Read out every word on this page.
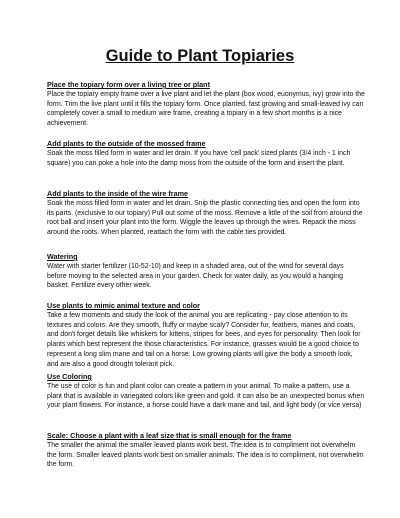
Guide to Plant Topiaries

Place the topiary form over a living tree or plant

Place the topiary empty frame over a live plant and let the plant (box wood, euonymus, ivy) grow into the form. Trim the live plant until it fills the topiary form. Once planted, fast growing and small-leaved ivy can completely cover a small to medium wire frame, creating a topiary in a few short months is a nice achievement.

Add plants to the outside of the mossed frame

Soak the moss filled form in water and let drain. If you have 'cell pack' sized plants (3/4 inch - 1 inch square) you can poke a hole into the damp moss from the outside of the form and insert the plant.

Add plants to the inside of the wire frame

Soak the moss filled form in water and let drain. Snip the plastic connecting ties and open the form into its parts. (exclusive to our topiary) Pull out some of the moss. Remove a little of the soil from around the root ball and insert your plant into the form. Wiggle the leaves up through the wires. Repack the moss around the roots. When planted, reattach the form with the cable ties provided.

Watering

Water with starter fertilizer (10-52-10) and keep in a shaded area, out of the wind for several days before moving to the selected area in your garden. Check for water daily, as you would a hanging basket. Fertilize every other week.

Use plants to mimic animal texture and color

Take a few moments and study the look of the animal you are replicating - pay close attention to its textures and colors. Are they smooth, fluffy or maybe scaly? Consider fur, feathers, manes and coats, and don't forget details like whiskers for kittens, stripes for bees, and eyes for personality. Then look for plants which best represent the those characteristics. For instance, grasses would be a good choice to represent a long slim mane and tail on a horse. Low growing plants will give the body a smooth look, and are also a good drought tolerant pick.

Use Coloring

The use of color is fun and plant color can create a pattern in your animal. To make a pattern, use a plant that is available in variegated colors like green and gold. It can also be an unexpected bonus when your plant flowers. For instance, a horse could have a dark mane and tail, and light body (or vice versa)

Scale: Choose a plant with a leaf size that is small enough for the frame

The smaller the animal the smaller leaved plants work best. The idea is to compliment not overwhelm the form. Smaller leaved plants work best on smaller animals. The idea is to compliment, not overwhelm the form.
